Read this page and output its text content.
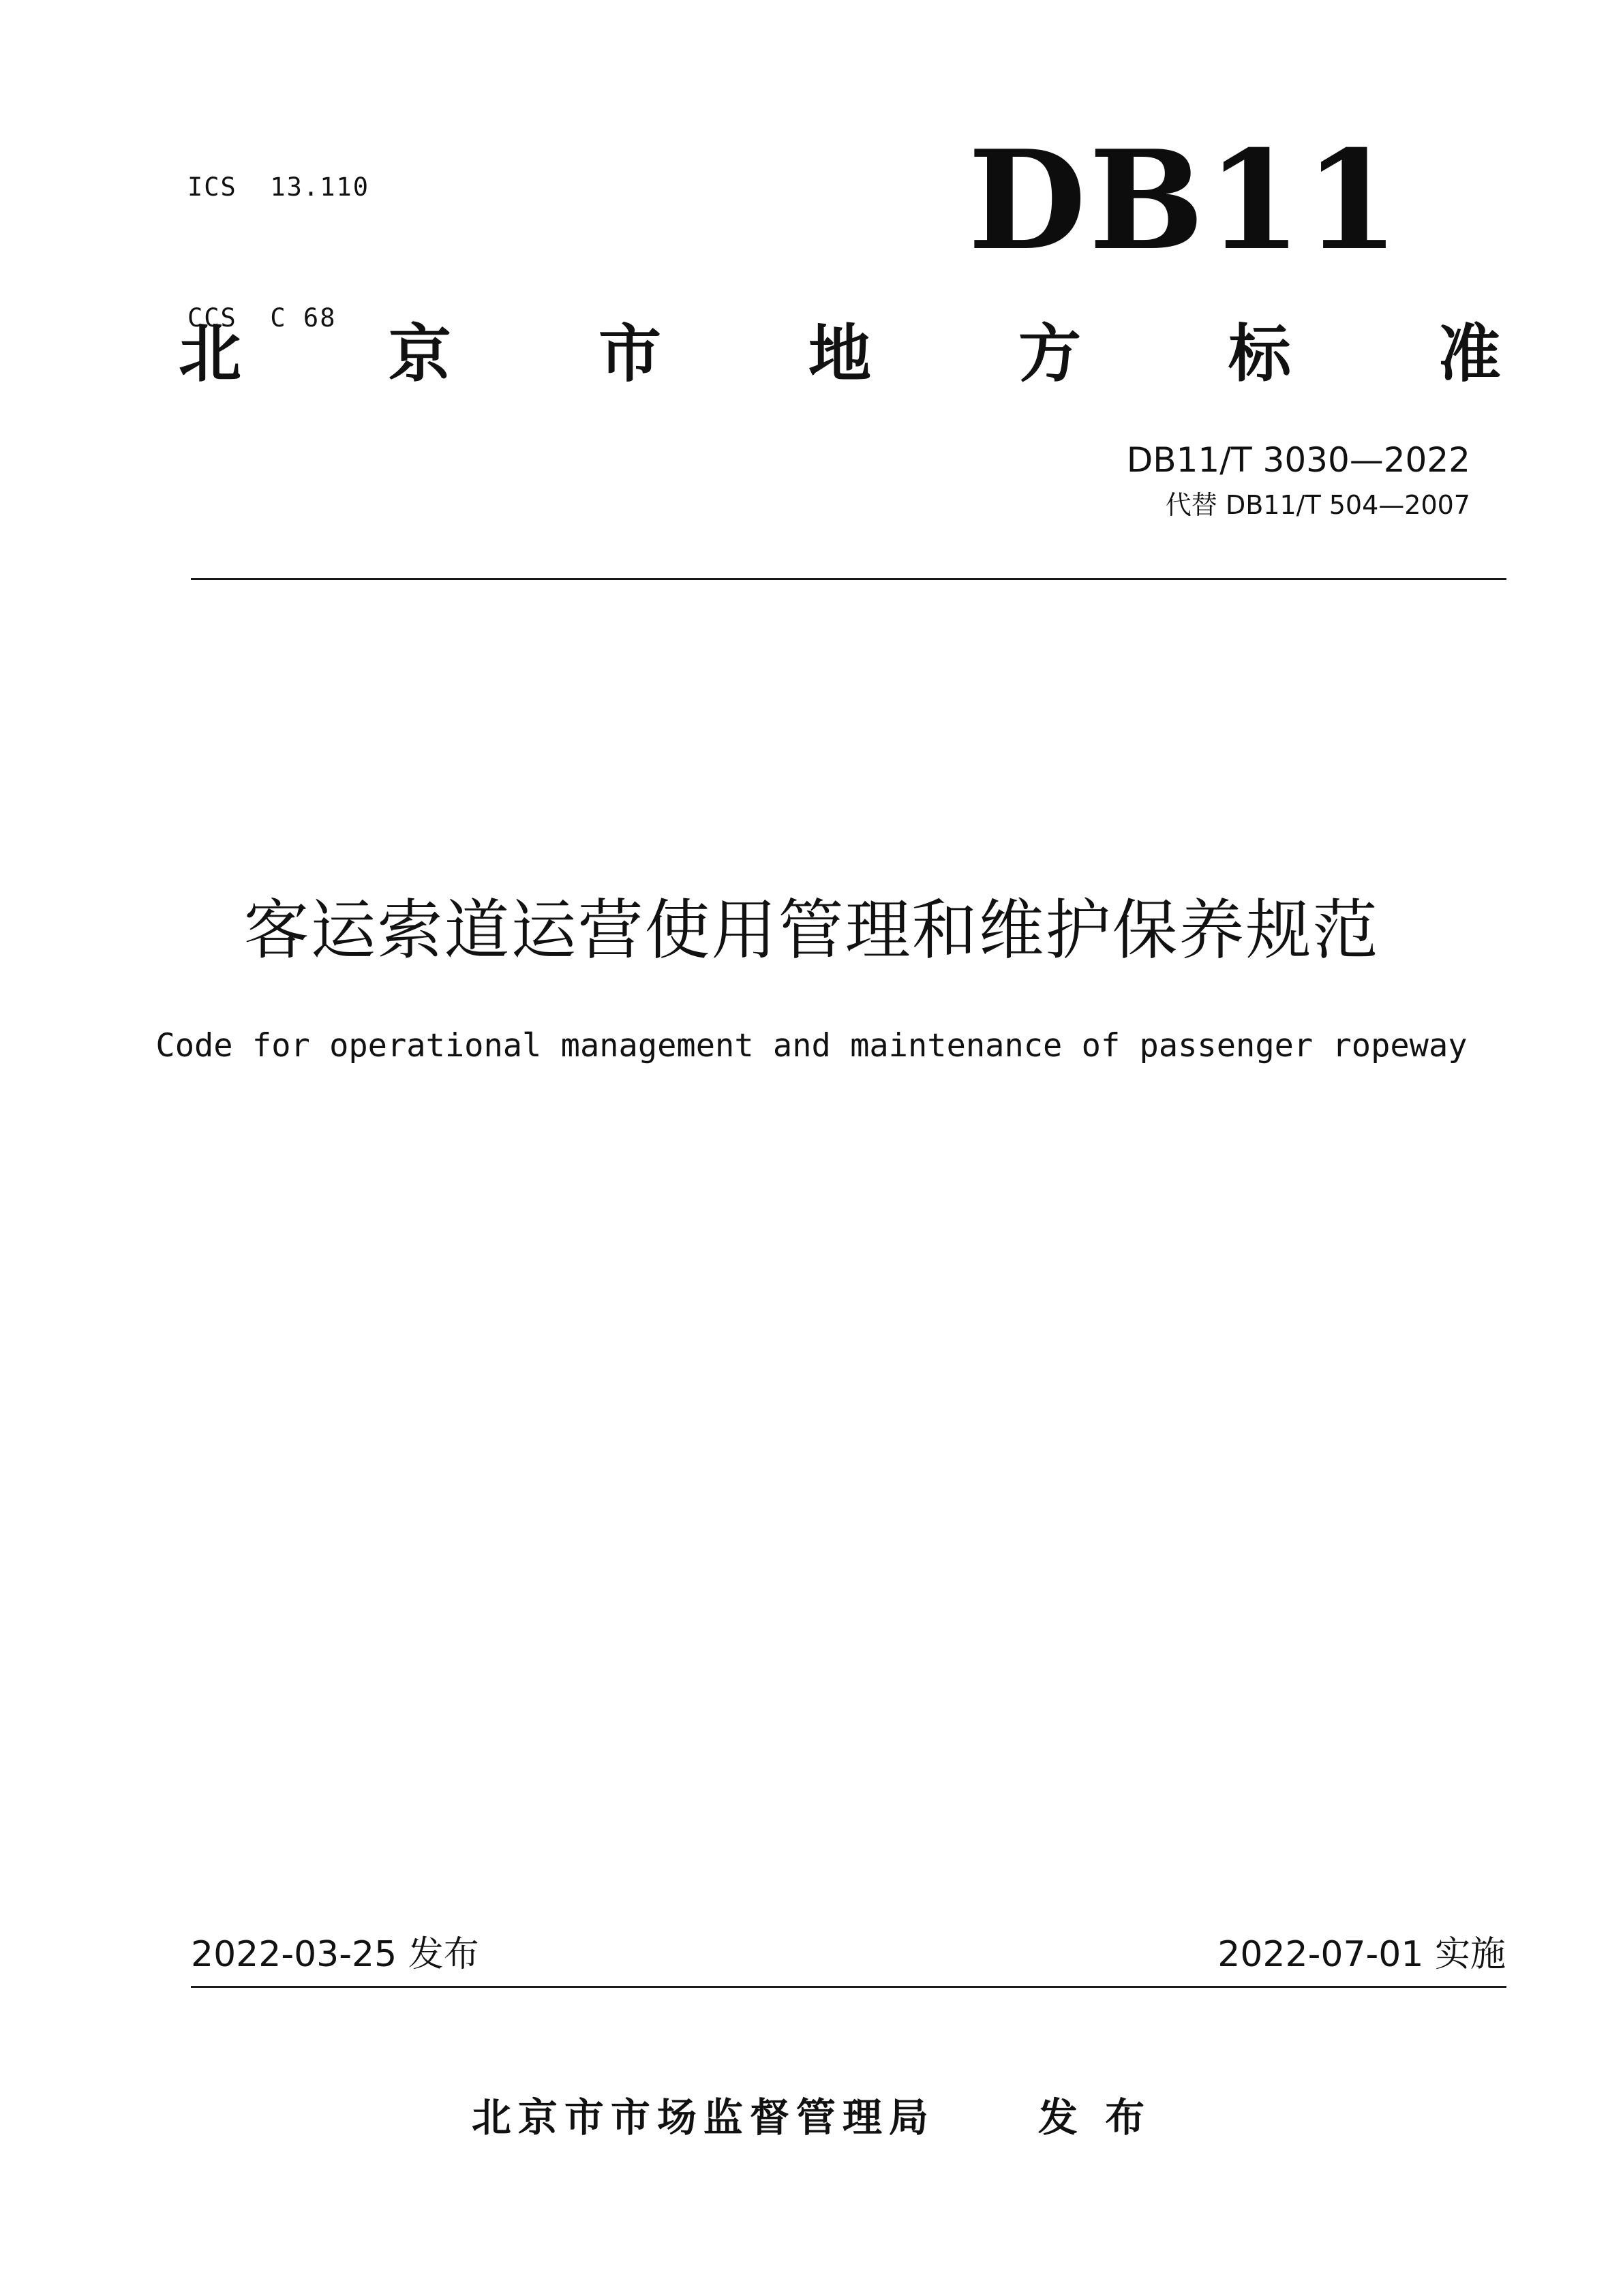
ICS  13.110

CCS  C 68

DB11
北 京 市 地 方 标 准
DB11/T 3030—2022
代替 DB11/T 504—2007
客运索道运营使用管理和维护保养规范
Code for operational management and maintenance of passenger ropeway
2022-03-25 发布	2022-07-01 实施
北京市市场监督管理局	发 布
